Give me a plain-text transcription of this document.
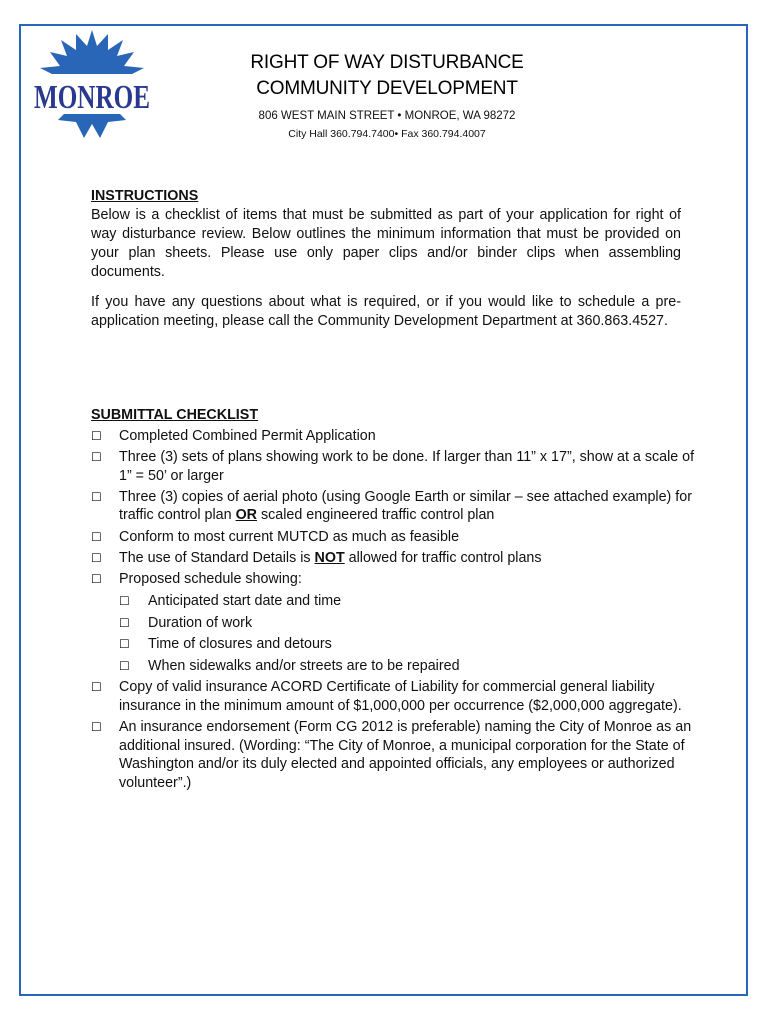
MONROE
RIGHT OF WAY DISTURBANCE
COMMUNITY DEVELOPMENT
806 WEST MAIN STREET • MONROE, WA 98272
City Hall 360.794.7400• Fax 360.794.4007
INSTRUCTIONS

Below is a checklist of items that must be submitted as part of your application for right of way disturbance review. Below outlines the minimum information that must be provided on your plan sheets. Please use only paper clips and/or binder clips when assembling documents.

If you have any questions about what is required, or if you would like to schedule a pre-application meeting, please call the Community Development Department at 360.863.4527.

SUBMITTAL CHECKLIST
☐ Completed Combined Permit Application
☐ Three (3) sets of plans showing work to be done. If larger than 11” x 17”, show at a scale of 1” = 50’ or larger
☐ Three (3) copies of aerial photo (using Google Earth or similar – see attached example) for traffic control plan OR scaled engineered traffic control plan
☐ Conform to most current MUTCD as much as feasible
☐ The use of Standard Details is NOT allowed for traffic control plans
☐ Proposed schedule showing:
☐ Anticipated start date and time
☐ Duration of work
☐ Time of closures and detours
☐ When sidewalks and/or streets are to be repaired
☐ Copy of valid insurance ACORD Certificate of Liability for commercial general liability insurance in the minimum amount of $1,000,000 per occurrence ($2,000,000 aggregate).
☐ An insurance endorsement (Form CG 2012 is preferable) naming the City of Monroe as an additional insured. (Wording: “The City of Monroe, a municipal corporation for the State of Washington and/or its duly elected and appointed officials, any employees or authorized volunteer”.)
